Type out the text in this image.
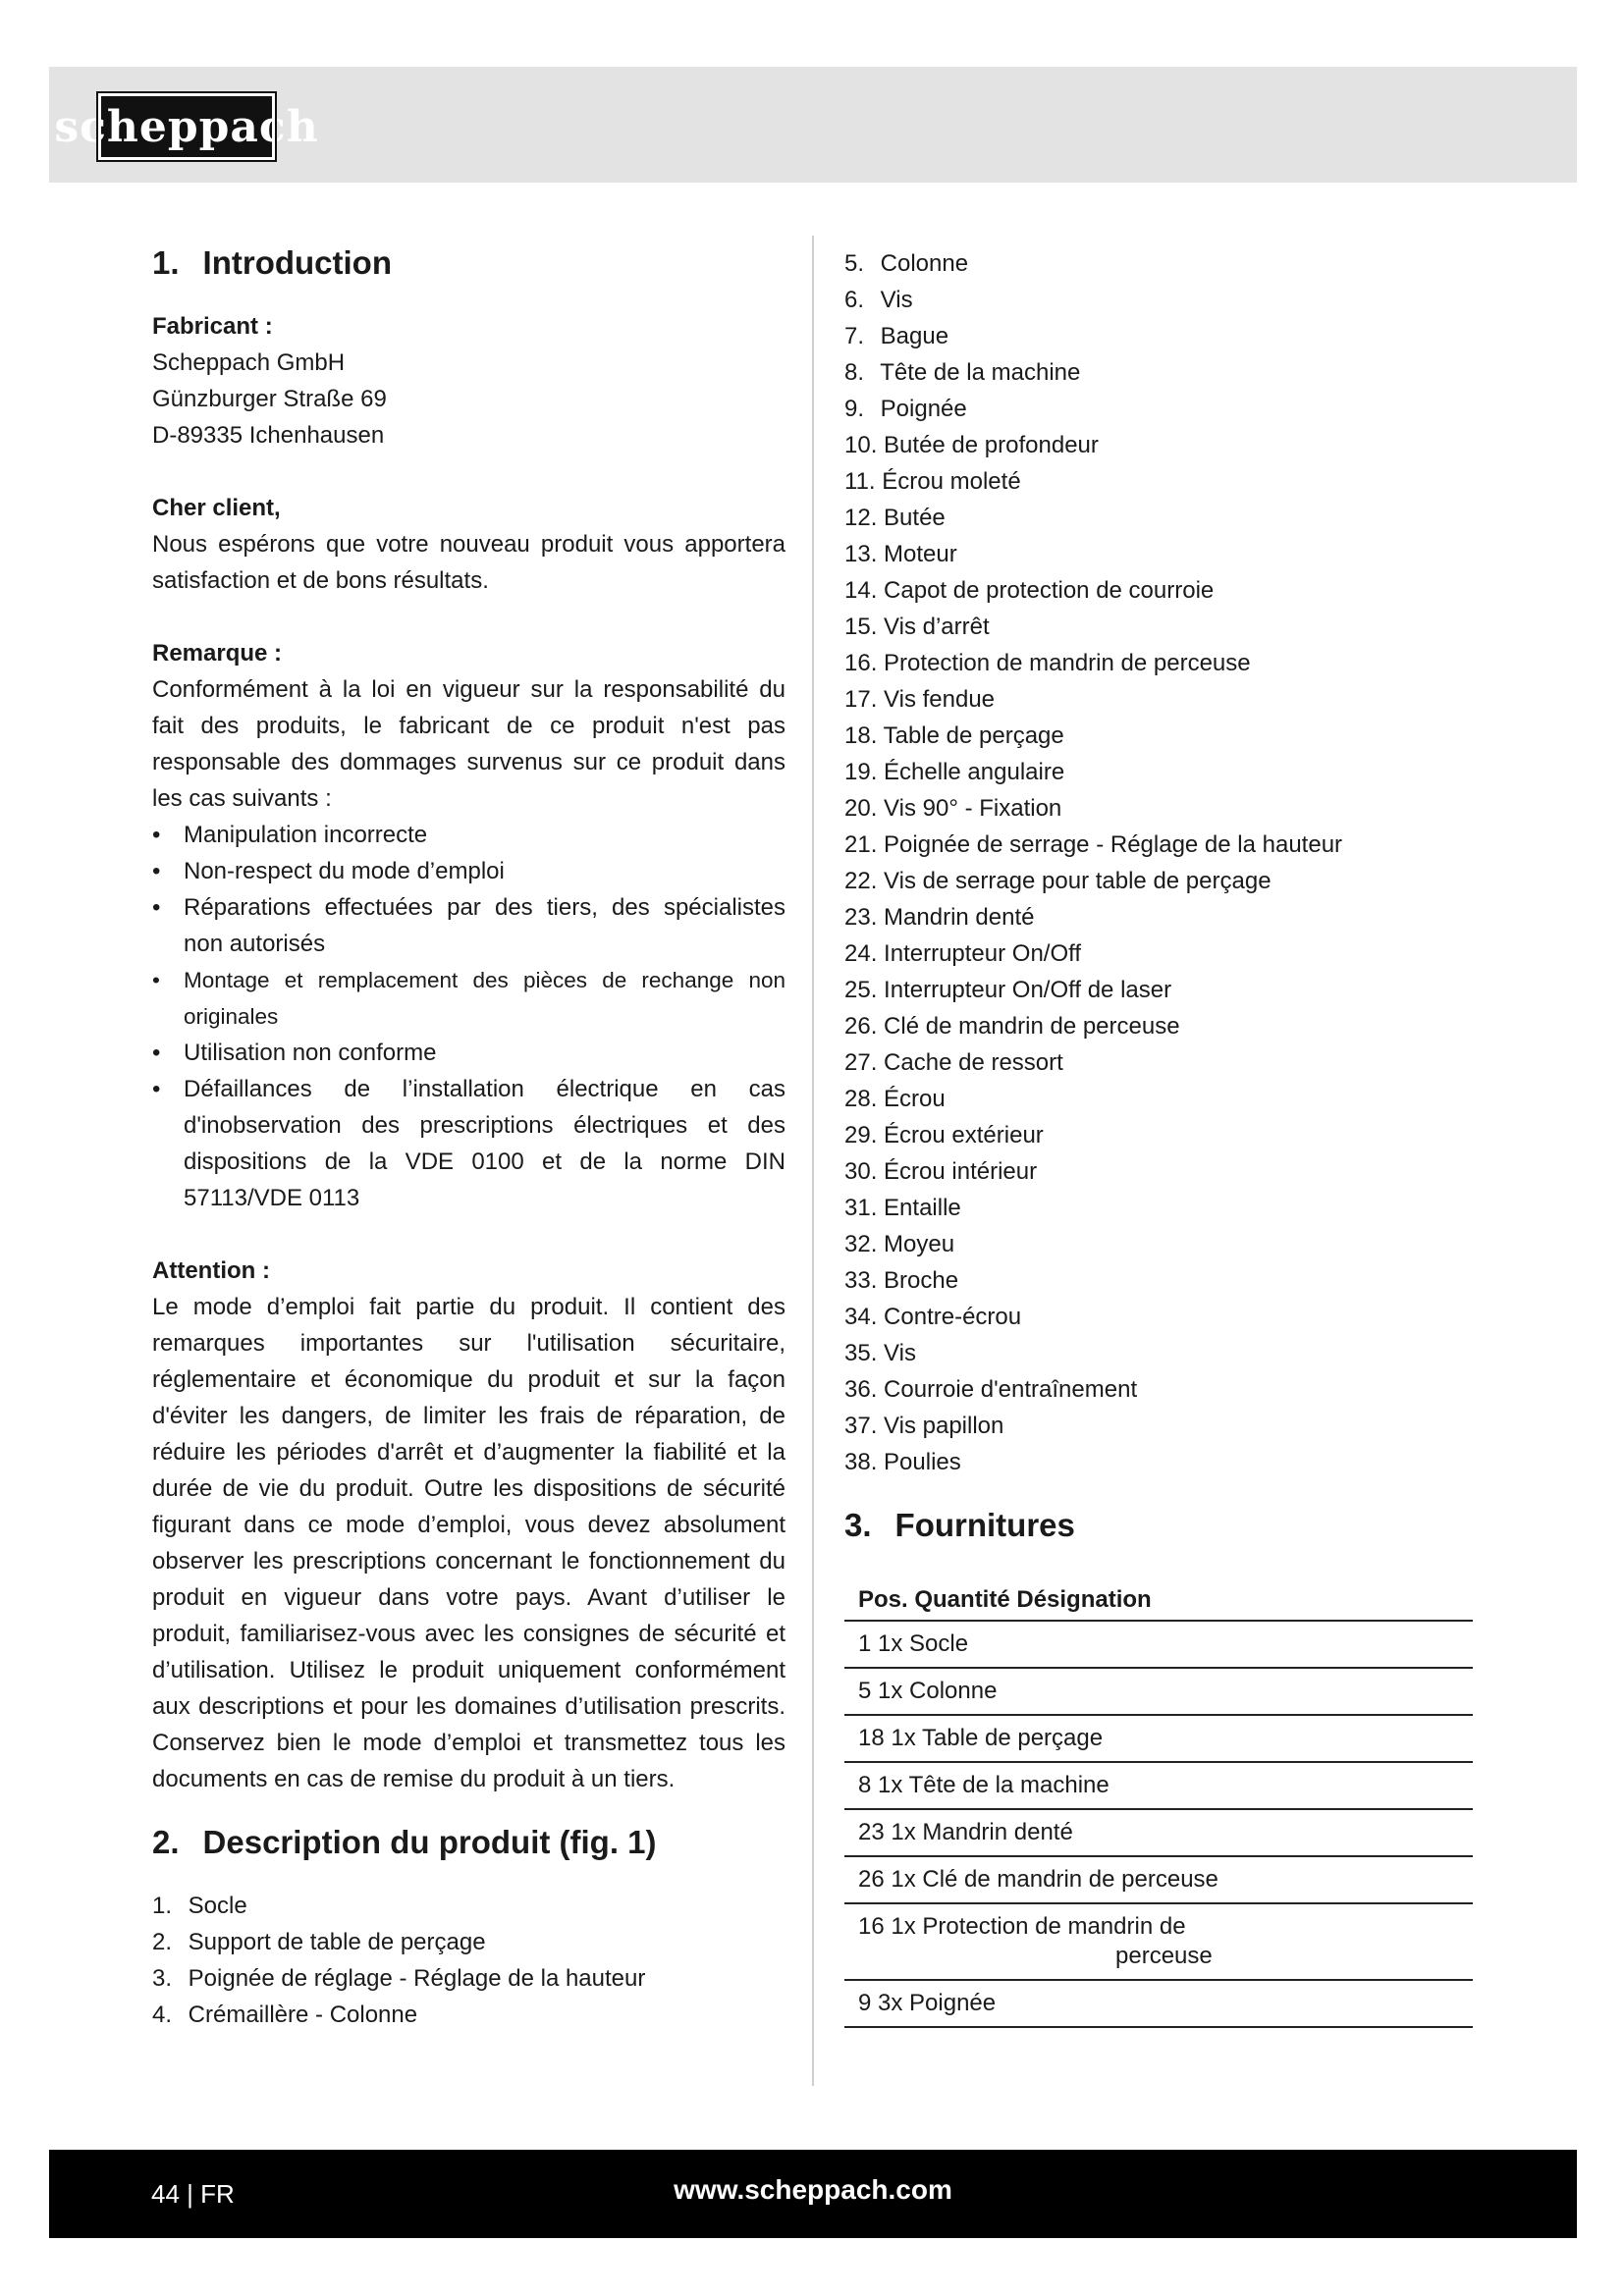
scheppach
1. Introduction
Fabricant :
Scheppach GmbH
Günzburger Straße 69
D-89335 Ichenhausen
Cher client,
Nous espérons que votre nouveau produit vous apportera satisfaction et de bons résultats.
Remarque :
Conformément à la loi en vigueur sur la responsabilité du fait des produits, le fabricant de ce produit n'est pas responsable des dommages survenus sur ce produit dans les cas suivants :
• Manipulation incorrecte
• Non-respect du mode d’emploi
• Réparations effectuées par des tiers, des spécialistes non autorisés
• Montage et remplacement des pièces de rechange non originales
• Utilisation non conforme
• Défaillances de l’installation électrique en cas d'inobservation des prescriptions électriques et des dispositions de la VDE 0100 et de la norme DIN 57113/VDE 0113
Attention :
Le mode d’emploi fait partie du produit. Il contient des remarques importantes sur l'utilisation sécuritaire, réglementaire et économique du produit et sur la façon d'éviter les dangers, de limiter les frais de réparation, de réduire les périodes d'arrêt et d’augmenter la fiabilité et la durée de vie du produit. Outre les dispositions de sécurité figurant dans ce mode d’emploi, vous devez absolument observer les prescriptions concernant le fonctionnement du produit en vigueur dans votre pays. Avant d’utiliser le produit, familiarisez-vous avec les consignes de sécurité et d’utilisation. Utilisez le produit uniquement conformément aux descriptions et pour les domaines d’utilisation prescrits. Conservez bien le mode d’emploi et transmettez tous les documents en cas de remise du produit à un tiers.
2. Description du produit (fig. 1)
1. Socle
2. Support de table de perçage
3. Poignée de réglage - Réglage de la hauteur
4. Crémaillère - Colonne
5. Colonne
6. Vis
7. Bague
8. Tête de la machine
9. Poignée
10. Butée de profondeur
11. Écrou moleté
12. Butée
13. Moteur
14. Capot de protection de courroie
15. Vis d’arrêt
16. Protection de mandrin de perceuse
17. Vis fendue
18. Table de perçage
19. Échelle angulaire
20. Vis 90° - Fixation
21. Poignée de serrage - Réglage de la hauteur
22. Vis de serrage pour table de perçage
23. Mandrin denté
24. Interrupteur On/Off
25. Interrupteur On/Off de laser
26. Clé de mandrin de perceuse
27. Cache de ressort
28. Écrou
29. Écrou extérieur
30. Écrou intérieur
31. Entaille
32. Moyeu
33. Broche
34. Contre-écrou
35. Vis
36. Courroie d'entraînement
37. Vis papillon
38. Poulies
3. Fournitures
Pos. Quantité Désignation
1 1x Socle
5 1x Colonne
18 1x Table de perçage
8 1x Tête de la machine
23 1x Mandrin denté
26 1x Clé de mandrin de perceuse
16 1x Protection de mandrin de
perceuse

9 3x Poignée
44 | FR	www.scheppach.com
